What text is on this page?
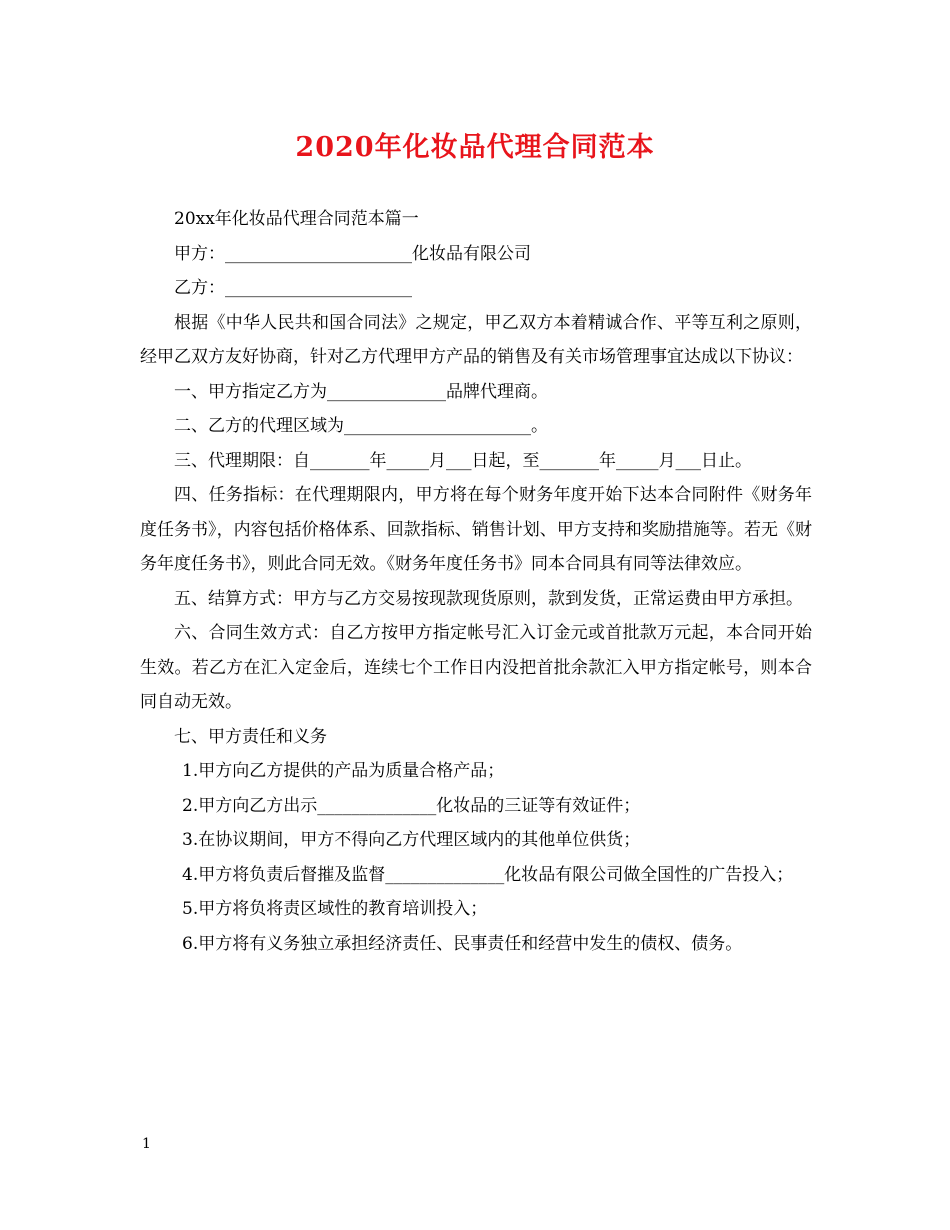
2020年化妆品代理合同范本

20xx年化妆品代理合同范本篇一

甲方：______________________化妆品有限公司

乙方：______________________

根据《中华人民共和国合同法》之规定，甲乙双方本着精诚合作、平等互利之原则，经甲乙双方友好协商，针对乙方代理甲方产品的销售及有关市场管理事宜达成以下协议：

一、甲方指定乙方为______________品牌代理商。

二、乙方的代理区域为______________________。

三、代理期限：自_______年_____月___日起，至_______年_____月___日止。

四、任务指标：在代理期限内，甲方将在每个财务年度开始下达本合同附件《财务年度任务书》，内容包括价格体系、回款指标、销售计划、甲方支持和奖励措施等。若无《财务年度任务书》，则此合同无效。《财务年度任务书》同本合同具有同等法律效应。

五、结算方式：甲方与乙方交易按现款现货原则，款到发货，正常运费由甲方承担。

六、合同生效方式：自乙方按甲方指定帐号汇入订金元或首批款万元起，本合同开始生效。若乙方在汇入定金后，连续七个工作日内没把首批余款汇入甲方指定帐号，则本合同自动无效。

七、甲方责任和义务

1.甲方向乙方提供的产品为质量合格产品；

2.甲方向乙方出示______________化妆品的三证等有效证件；

3.在协议期间，甲方不得向乙方代理区域内的其他单位供货；

4.甲方将负责后督摧及监督______________化妆品有限公司做全国性的广告投入；

5.甲方将负将责区域性的教育培训投入；

6.甲方将有义务独立承担经济责任、民事责任和经营中发生的债权、债务。

1
